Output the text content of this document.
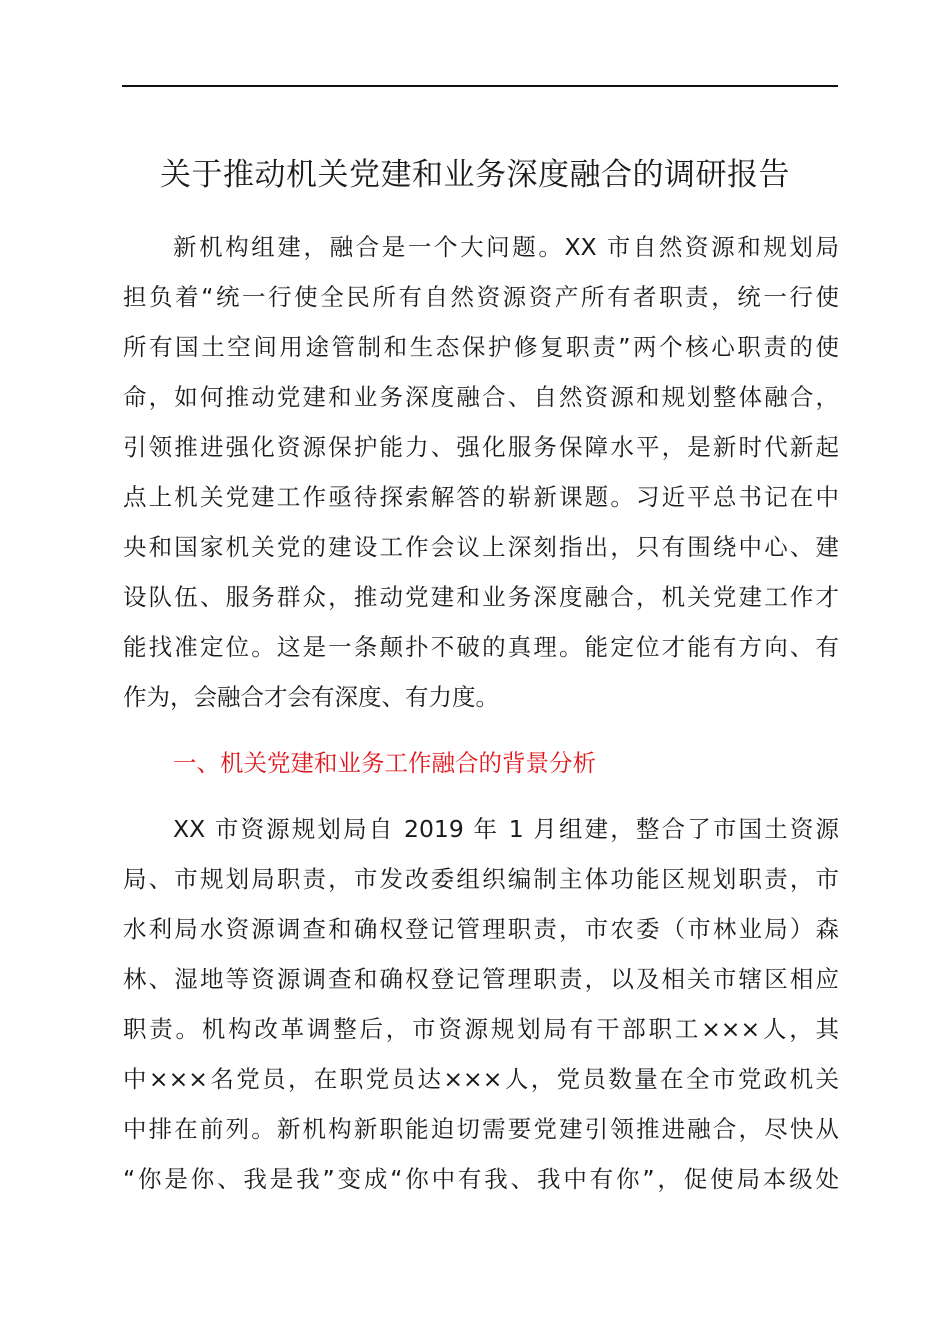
关于推动机关党建和业务深度融合的调研报告
新机构组建，融合是一个大问题。XX 市自然资源和规划局
担负着“统一行使全民所有自然资源资产所有者职责，统一行使
所有国土空间用途管制和生态保护修复职责”两个核心职责的使
命，如何推动党建和业务深度融合、自然资源和规划整体融合，
引领推进强化资源保护能力、强化服务保障水平，是新时代新起
点上机关党建工作亟待探索解答的崭新课题。习近平总书记在中
央和国家机关党的建设工作会议上深刻指出，只有围绕中心、建
设队伍、服务群众，推动党建和业务深度融合，机关党建工作才
能找准定位。这是一条颠扑不破的真理。能定位才能有方向、有
作为，会融合才会有深度、有力度。
一、机关党建和业务工作融合的背景分析
XX 市资源规划局自 2019 年 1 月组建，整合了市国土资源
局、市规划局职责，市发改委组织编制主体功能区规划职责，市
水利局水资源调查和确权登记管理职责，市农委（市林业局）森
林、湿地等资源调查和确权登记管理职责，以及相关市辖区相应
职责。机构改革调整后，市资源规划局有干部职工×××人，其
中×××名党员，在职党员达×××人，党员数量在全市党政机关
中排在前列。新机构新职能迫切需要党建引领推进融合，尽快从
“你是你、我是我”变成“你中有我、我中有你”，促使局本级处
